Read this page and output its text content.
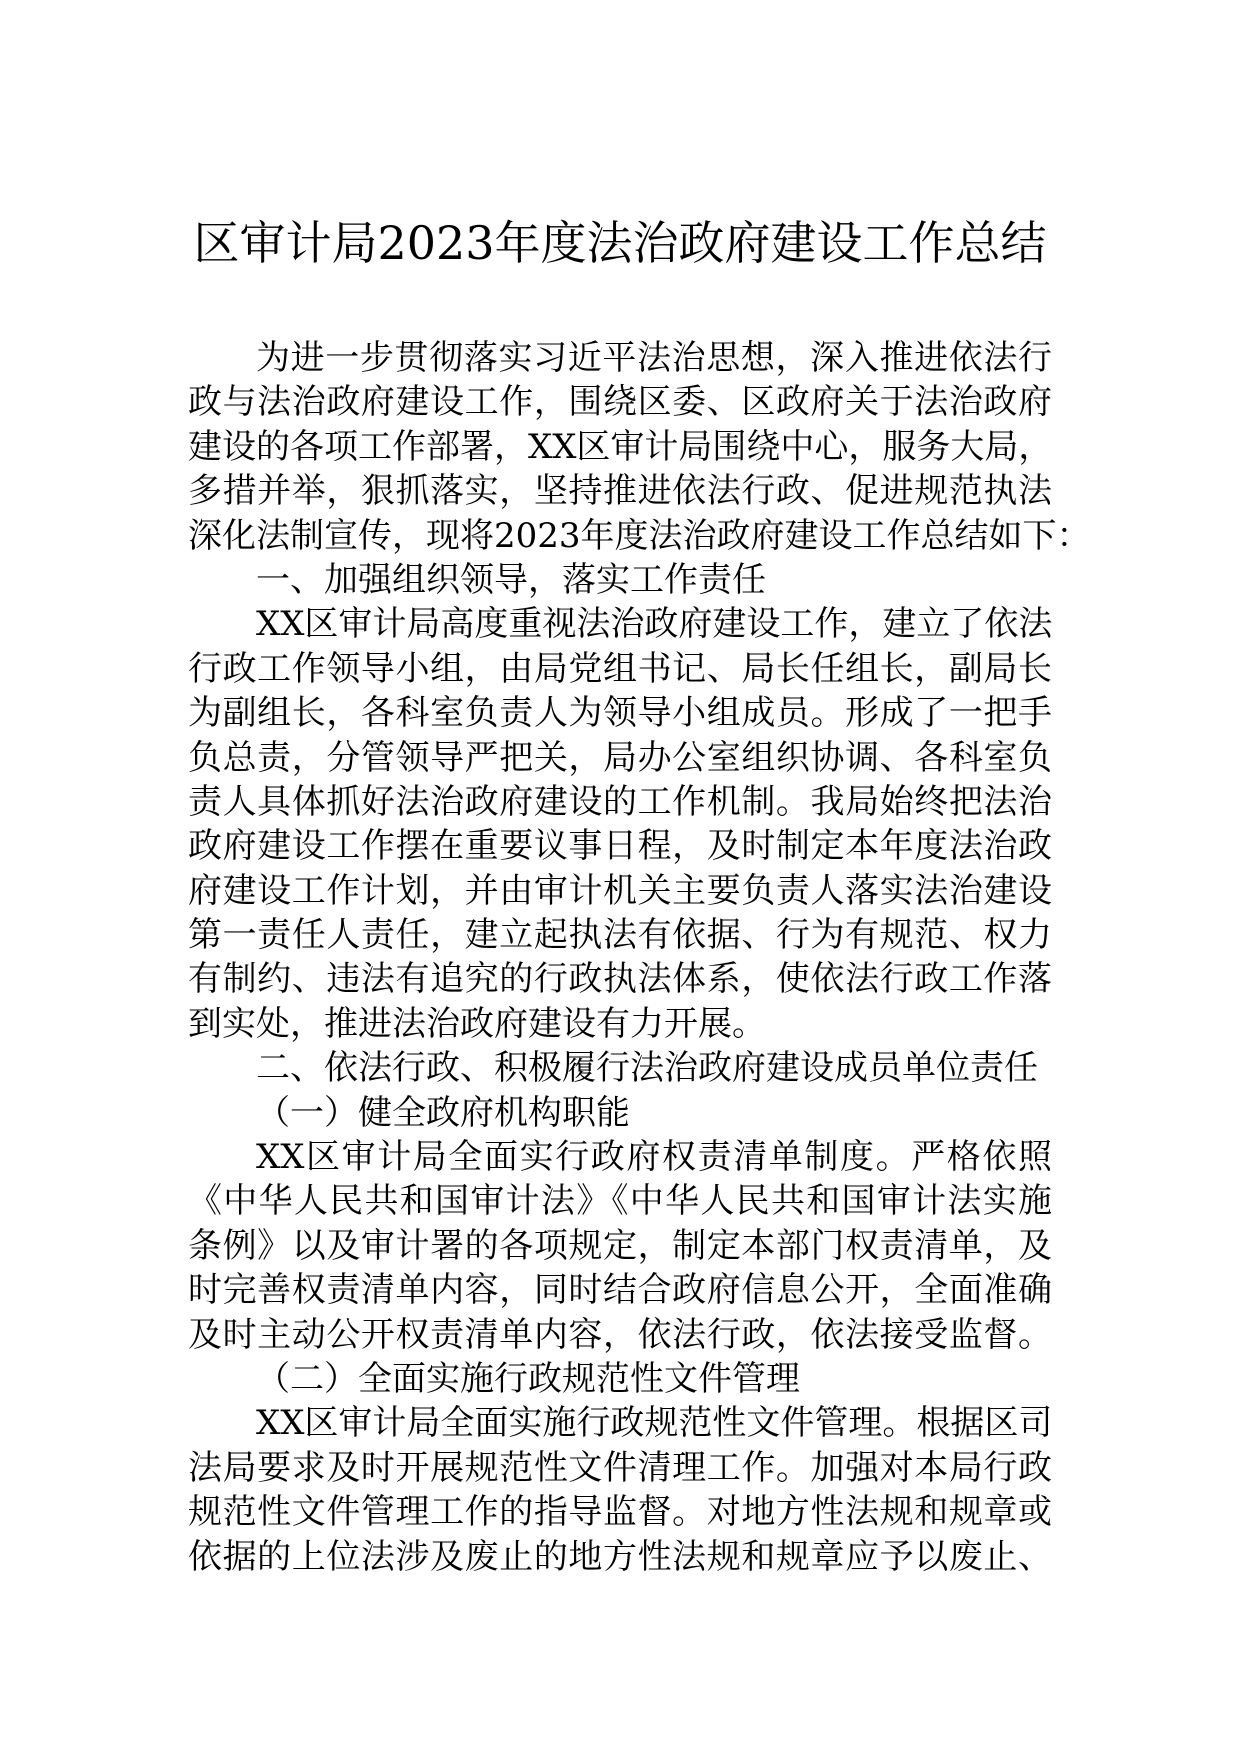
区审计局2023年度法治政府建设工作总结
为进一步贯彻落实习近平法治思想，深入推进依法行
政与法治政府建设工作，围绕区委、区政府关于法治政府
建设的各项工作部署，XX区审计局围绕中心，服务大局，
多措并举，狠抓落实，坚持推进依法行政、促进规范执法
深化法制宣传，现将2023年度法治政府建设工作总结如下：
一、加强组织领导，落实工作责任
XX区审计局高度重视法治政府建设工作，建立了依法
行政工作领导小组，由局党组书记、局长任组长，副局长
为副组长，各科室负责人为领导小组成员。形成了一把手
负总责，分管领导严把关，局办公室组织协调、各科室负
责人具体抓好法治政府建设的工作机制。我局始终把法治
政府建设工作摆在重要议事日程，及时制定本年度法治政
府建设工作计划，并由审计机关主要负责人落实法治建设
第一责任人责任，建立起执法有依据、行为有规范、权力
有制约、违法有追究的行政执法体系，使依法行政工作落
到实处，推进法治政府建设有力开展。
二、依法行政、积极履行法治政府建设成员单位责任
（一）健全政府机构职能
XX区审计局全面实行政府权责清单制度。严格依照
《中华人民共和国审计法》《中华人民共和国审计法实施
条例》以及审计署的各项规定，制定本部门权责清单，及
时完善权责清单内容，同时结合政府信息公开，全面准确
及时主动公开权责清单内容，依法行政，依法接受监督。
（二）全面实施行政规范性文件管理
XX区审计局全面实施行政规范性文件管理。根据区司
法局要求及时开展规范性文件清理工作。加强对本局行政
规范性文件管理工作的指导监督。对地方性法规和规章或
依据的上位法涉及废止的地方性法规和规章应予以废止、
